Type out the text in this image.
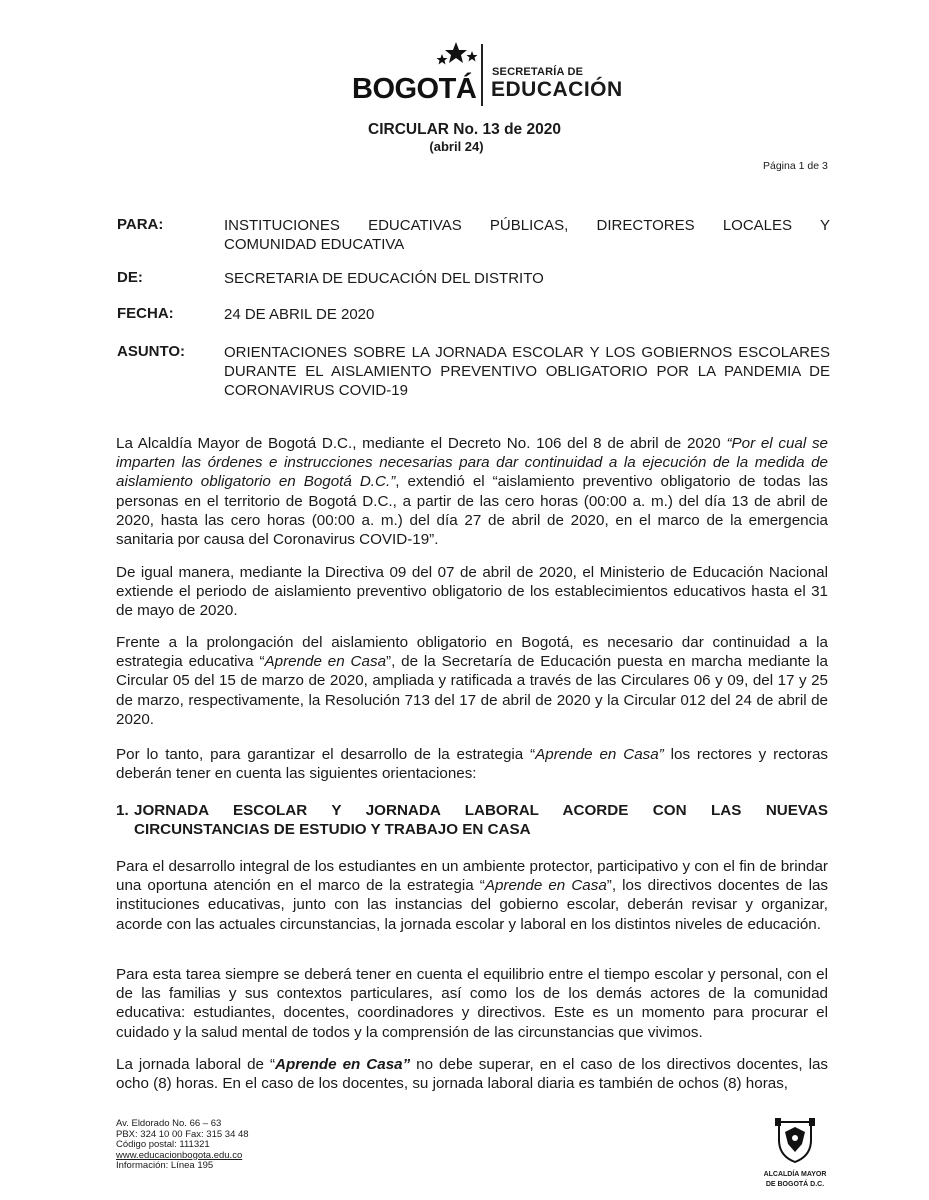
BOGOTÁ
SECRETARÍA DE
EDUCACIÓN
CIRCULAR No. 13 de 2020
(abril 24)
Página 1 de 3
PARA:	INSTITUCIONES EDUCATIVAS PÚBLICAS, DIRECTORES LOCALES Y
COMUNIDAD EDUCATIVA
DE:	SECRETARIA DE EDUCACIÓN DEL DISTRITO
FECHA:	24 DE ABRIL DE 2020
ASUNTO:	ORIENTACIONES SOBRE LA JORNADA ESCOLAR Y LOS GOBIERNOS ESCOLARES DURANTE EL AISLAMIENTO PREVENTIVO OBLIGATORIO POR LA PANDEMIA DE CORONAVIRUS COVID-19
La Alcaldía Mayor de Bogotá D.C., mediante el Decreto No. 106 del 8 de abril de 2020 “Por el cual se imparten las órdenes e instrucciones necesarias para dar continuidad a la ejecución de la medida de aislamiento obligatorio en Bogotá D.C.”, extendió el “aislamiento preventivo obligatorio de todas las personas en el territorio de Bogotá D.C., a partir de las cero horas (00:00 a. m.) del día 13 de abril de 2020, hasta las cero horas (00:00 a. m.) del día 27 de abril de 2020, en el marco de la emergencia sanitaria por causa del Coronavirus COVID-19”.
De igual manera, mediante la Directiva 09 del 07 de abril de 2020, el Ministerio de Educación Nacional extiende el periodo de aislamiento preventivo obligatorio de los establecimientos educativos hasta el 31 de mayo de 2020.
Frente a la prolongación del aislamiento obligatorio en Bogotá, es necesario dar continuidad a la estrategia educativa “Aprende en Casa”, de la Secretaría de Educación puesta en marcha mediante la Circular 05 del 15 de marzo de 2020, ampliada y ratificada a través de las Circulares 06 y 09, del 17 y 25 de marzo, respectivamente, la Resolución 713 del 17 de abril de 2020 y la Circular 012 del 24 de abril de 2020.
Por lo tanto, para garantizar el desarrollo de la estrategia “Aprende en Casa” los rectores y rectoras deberán tener en cuenta las siguientes orientaciones:
1. JORNADA ESCOLAR Y JORNADA LABORAL ACORDE CON LAS NUEVAS
CIRCUNSTANCIAS DE ESTUDIO Y TRABAJO EN CASA
Para el desarrollo integral de los estudiantes en un ambiente protector, participativo y con el fin de brindar una oportuna atención en el marco de la estrategia “Aprende en Casa”, los directivos docentes de las instituciones educativas, junto con las instancias del gobierno escolar, deberán revisar y organizar, acorde con las actuales circunstancias, la jornada escolar y laboral en los distintos niveles de educación.
Para esta tarea siempre se deberá tener en cuenta el equilibrio entre el tiempo escolar y personal, con el de las familias y sus contextos particulares, así como los de los demás actores de la comunidad educativa: estudiantes, docentes, coordinadores y directivos. Este es un momento para procurar el cuidado y la salud mental de todos y la comprensión de las circunstancias que vivimos.
La jornada laboral de “Aprende en Casa” no debe superar, en el caso de los directivos docentes, las ocho (8) horas. En el caso de los docentes, su jornada laboral diaria es también de ochos (8) horas,
Av. Eldorado No. 66 – 63
PBX: 324 10 00 Fax: 315 34 48
Código postal: 111321
www.educacionbogota.edu.co
Información: Línea 195
ALCALDÍA MAYOR
DE BOGOTÁ D.C.
